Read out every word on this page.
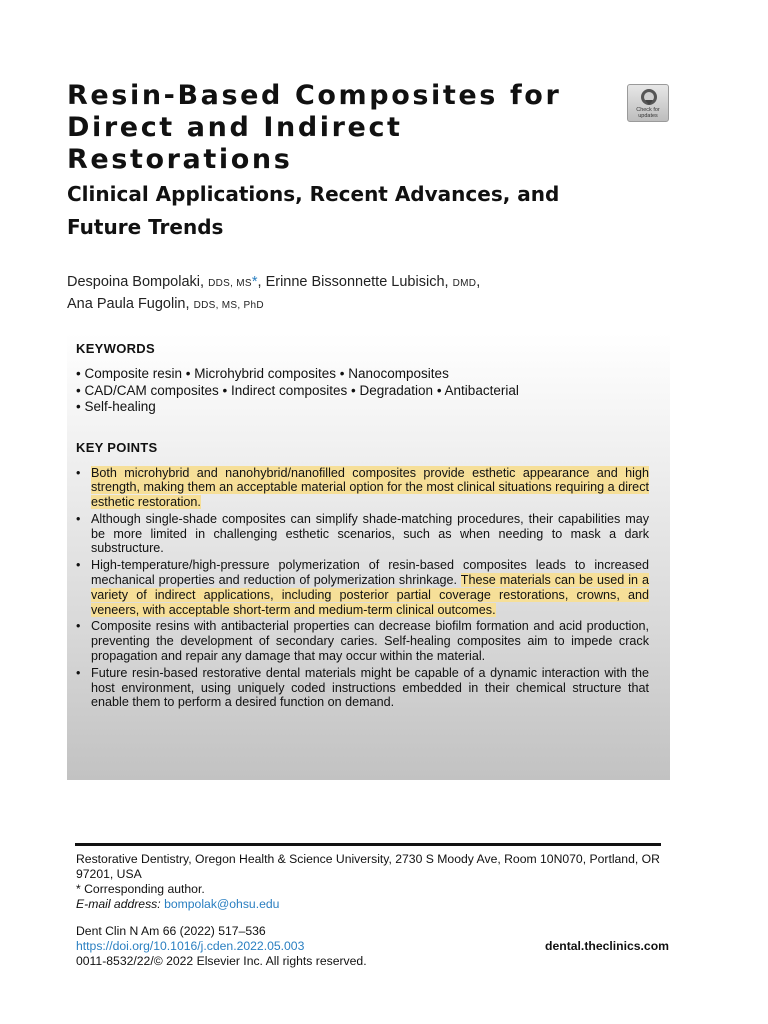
Resin-Based Composites for Direct and Indirect Restorations
Clinical Applications, Recent Advances, and Future Trends
Check for updates
Despoina Bompolaki, DDS, MS*, Erinne Bissonnette Lubisich, DMD,
Ana Paula Fugolin, DDS, MS, PhD

KEYWORDS

• Composite resin • Microhybrid composites • Nanocomposites
• CAD/CAM composites • Indirect composites • Degradation • Antibacterial
• Self-healing

KEY POINTS

• Both microhybrid and nanohybrid/nanofilled composites provide esthetic appearance and high strength, making them an acceptable material option for the most clinical situations requiring a direct esthetic restoration.
• Although single-shade composites can simplify shade-matching procedures, their capabilities may be more limited in challenging esthetic scenarios, such as when needing to mask a dark substructure.
• High-temperature/high-pressure polymerization of resin-based composites leads to increased mechanical properties and reduction of polymerization shrinkage. These materials can be used in a variety of indirect applications, including posterior partial coverage restorations, crowns, and veneers, with acceptable short-term and medium-term clinical outcomes.
• Composite resins with antibacterial properties can decrease biofilm formation and acid production, preventing the development of secondary caries. Self-healing composites aim to impede crack propagation and repair any damage that may occur within the material.
• Future resin-based restorative dental materials might be capable of a dynamic interaction with the host environment, using uniquely coded instructions embedded in their chemical structure that enable them to perform a desired function on demand.

Restorative Dentistry, Oregon Health & Science University, 2730 S Moody Ave, Room 10N070, Portland, OR 97201, USA

* Corresponding author.

E-mail address: bompolak@ohsu.edu

Dent Clin N Am 66 (2022) 517–536

https://doi.org/10.1016/j.cden.2022.05.003

0011-8532/22/© 2022 Elsevier Inc. All rights reserved.

dental.theclinics.com
